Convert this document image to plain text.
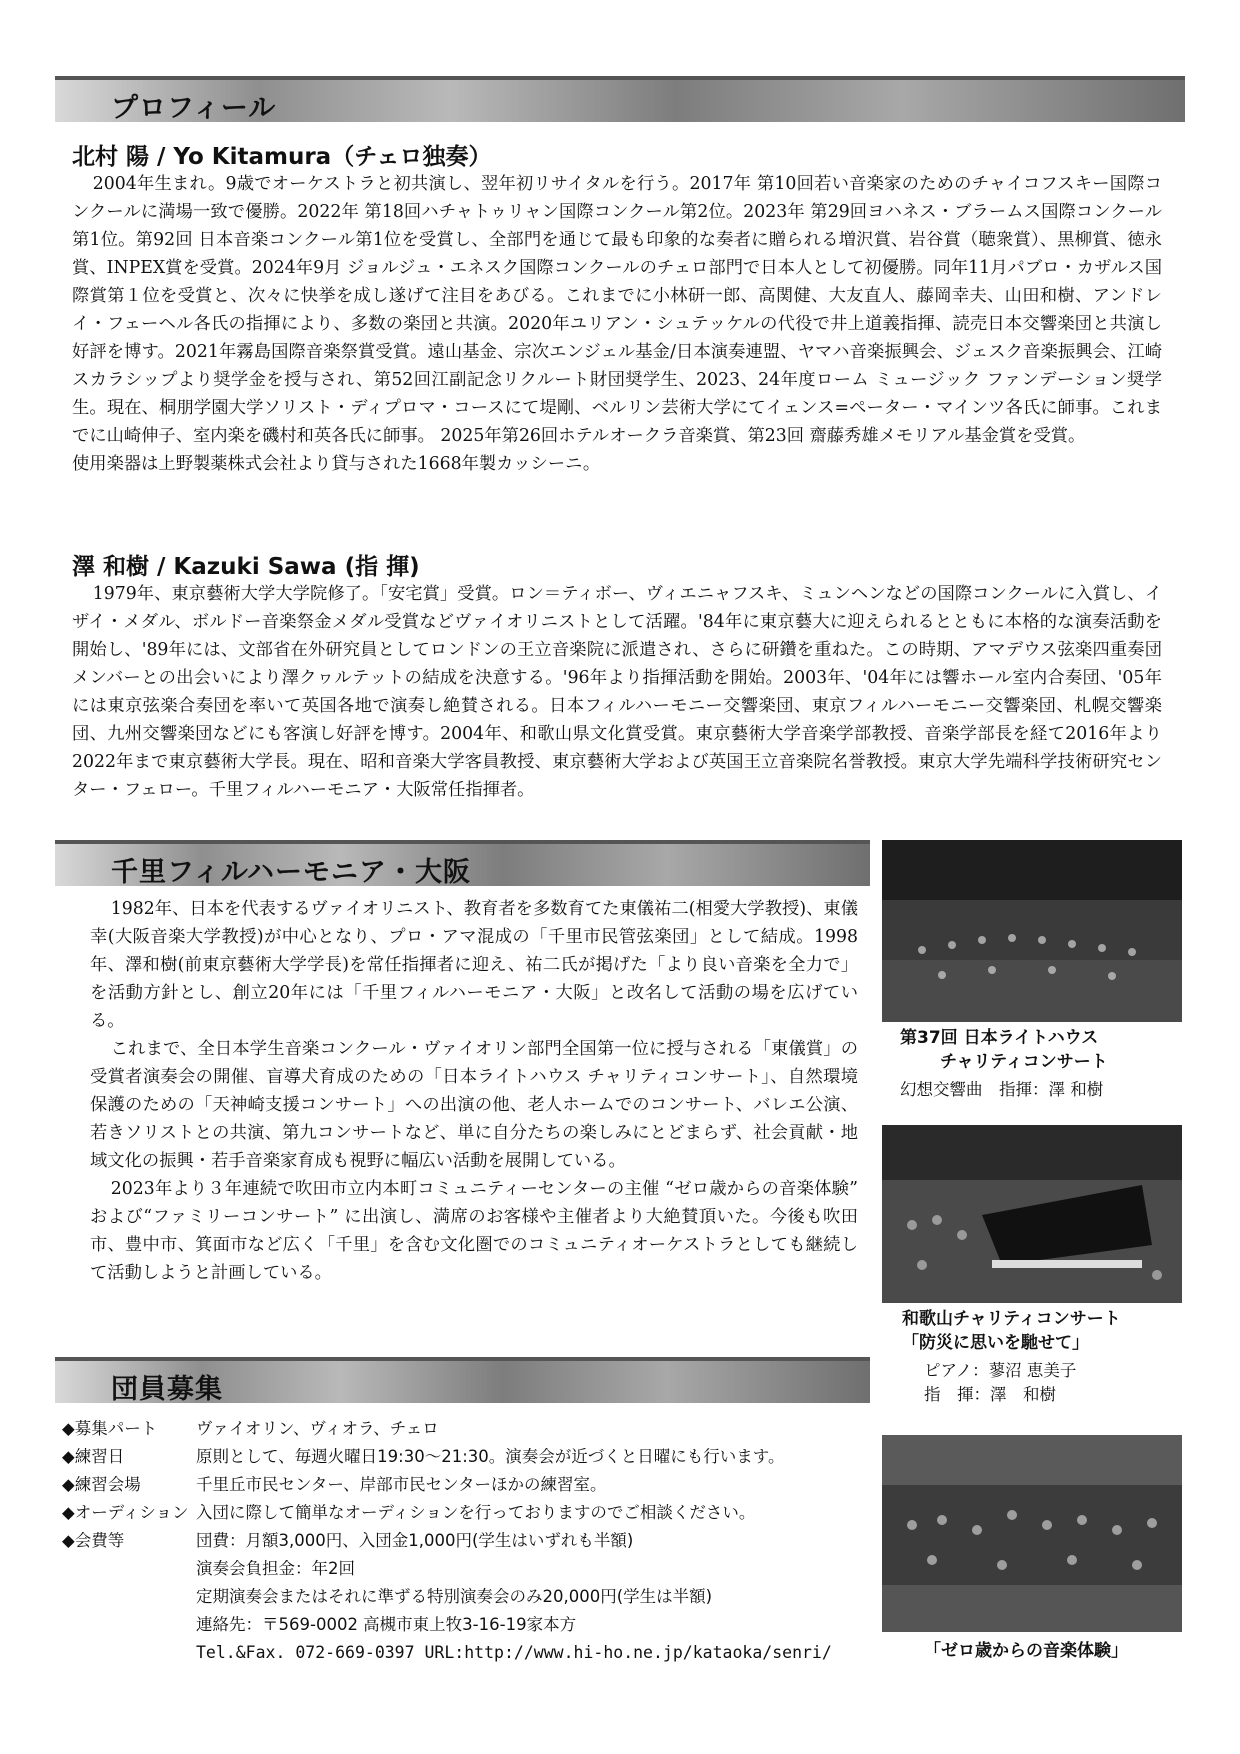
プロフィール
北村 陽 / Yo Kitamura（チェロ独奏）

2004年生まれ。9歳でオーケストラと初共演し、翌年初リサイタルを行う。2017年 第10回若い音楽家のためのチャイコフスキー国際コンクールに満場一致で優勝。2022年 第18回ハチャトゥリャン国際コンクール第2位。2023年 第29回ヨハネス・ブラームス国際コンクール第1位。第92回 日本音楽コンクール第1位を受賞し、全部門を通じて最も印象的な奏者に贈られる増沢賞、岩谷賞（聴衆賞）、黒柳賞、徳永賞、INPEX賞を受賞。2024年9月 ジョルジュ・エネスク国際コンクールのチェロ部門で日本人として初優勝。同年11月パブロ・カザルス国際賞第１位を受賞と、次々に快挙を成し遂げて注目をあびる。これまでに小林研一郎、高関健、大友直人、藤岡幸夫、山田和樹、アンドレイ・フェーヘル各氏の指揮により、多数の楽団と共演。2020年ユリアン・シュテッケルの代役で井上道義指揮、読売日本交響楽団と共演し好評を博す。2021年霧島国際音楽祭賞受賞。遠山基金、宗次エンジェル基金/日本演奏連盟、ヤマハ音楽振興会、ジェスク音楽振興会、江崎スカラシップより奨学金を授与され、第52回江副記念リクルート財団奨学生、2023、24年度ローム ミュージック ファンデーション奨学生。現在、桐朋学園大学ソリスト・ディプロマ・コースにて堤剛、ベルリン芸術大学にてイェンス=ペーター・マインツ各氏に師事。これまでに山崎伸子、室内楽を磯村和英各氏に師事。 2025年第26回ホテルオークラ音楽賞、第23回 齋藤秀雄メモリアル基金賞を受賞。

使用楽器は上野製薬株式会社より貸与された1668年製カッシーニ。

澤 和樹 / Kazuki Sawa (指 揮)

1979年、東京藝術大学大学院修了。「安宅賞」受賞。ロン＝ティボー、ヴィエニャフスキ、ミュンヘンなどの国際コンクールに入賞し、イザイ・メダル、ボルドー音楽祭金メダル受賞などヴァイオリニストとして活躍。'84年に東京藝大に迎えられるとともに本格的な演奏活動を開始し、'89年には、文部省在外研究員としてロンドンの王立音楽院に派遣され、さらに研鑽を重ねた。この時期、アマデウス弦楽四重奏団メンバーとの出会いにより澤クヮルテットの結成を決意する。'96年より指揮活動を開始。2003年、'04年には響ホール室内合奏団、'05年には東京弦楽合奏団を率いて英国各地で演奏し絶賛される。日本フィルハーモニー交響楽団、東京フィルハーモニー交響楽団、札幌交響楽団、九州交響楽団などにも客演し好評を博す。2004年、和歌山県文化賞受賞。東京藝術大学音楽学部教授、音楽学部長を経て2016年より2022年まで東京藝術大学長。現在、昭和音楽大学客員教授、東京藝術大学および英国王立音楽院名誉教授。東京大学先端科学技術研究センター・フェロー。千里フィルハーモニア・大阪常任指揮者。

千里フィルハーモニア・大阪

1982年、日本を代表するヴァイオリニスト、教育者を多数育てた東儀祐二(相愛大学教授)、東儀幸(大阪音楽大学教授)が中心となり、プロ・アマ混成の「千里市民管弦楽団」として結成。1998年、澤和樹(前東京藝術大学学長)を常任指揮者に迎え、祐二氏が掲げた「より良い音楽を全力で」を活動方針とし、創立20年には「千里フィルハーモニア・大阪」と改名して活動の場を広げている。

これまで、全日本学生音楽コンクール・ヴァイオリン部門全国第一位に授与される「東儀賞」の受賞者演奏会の開催、盲導犬育成のための「日本ライトハウス チャリティコンサート」、自然環境保護のための「天神崎支援コンサート」への出演の他、老人ホームでのコンサート、バレエ公演、若きソリストとの共演、第九コンサートなど、単に自分たちの楽しみにとどまらず、社会貢献・地域文化の振興・若手音楽家育成も視野に幅広い活動を展開している。

2023年より３年連続で吹田市立内本町コミュニティーセンターの主催 “ゼロ歳からの音楽体験” および“ファミリーコンサート” に出演し、満席のお客様や主催者より大絶賛頂いた。今後も吹田市、豊中市、箕面市など広く「千里」を含む文化圏でのコミュニティオーケストラとしても継続して活動しようと計画している。

第37回 日本ライトハウス
チャリティコンサート
幻想交響曲　指揮：澤 和樹
和歌山チャリティコンサート
「防災に思いを馳せて」
ピアノ：蓼沼 恵美子
指　揮：澤　和樹
「ゼロ歳からの音楽体験」
団員募集
◆募集パート	ヴァイオリン、ヴィオラ、チェロ
◆練習日	原則として、毎週火曜日19:30～21:30。演奏会が近づくと日曜にも行います。
◆練習会場	千里丘市民センター、岸部市民センターほかの練習室。
◆オーディション 入団に際して簡単なオーディションを行っておりますのでご相談ください。
◆会費等	団費：月額3,000円、入団金1,000円(学生はいずれも半額)
演奏会負担金：年2回
定期演奏会またはそれに準ずる特別演奏会のみ20,000円(学生は半額)
連絡先：〒569-0002 高槻市東上牧3-16-19家本方
Tel.&Fax. 072-669-0397 URL:http://www.hi-ho.ne.jp/kataoka/senri/
